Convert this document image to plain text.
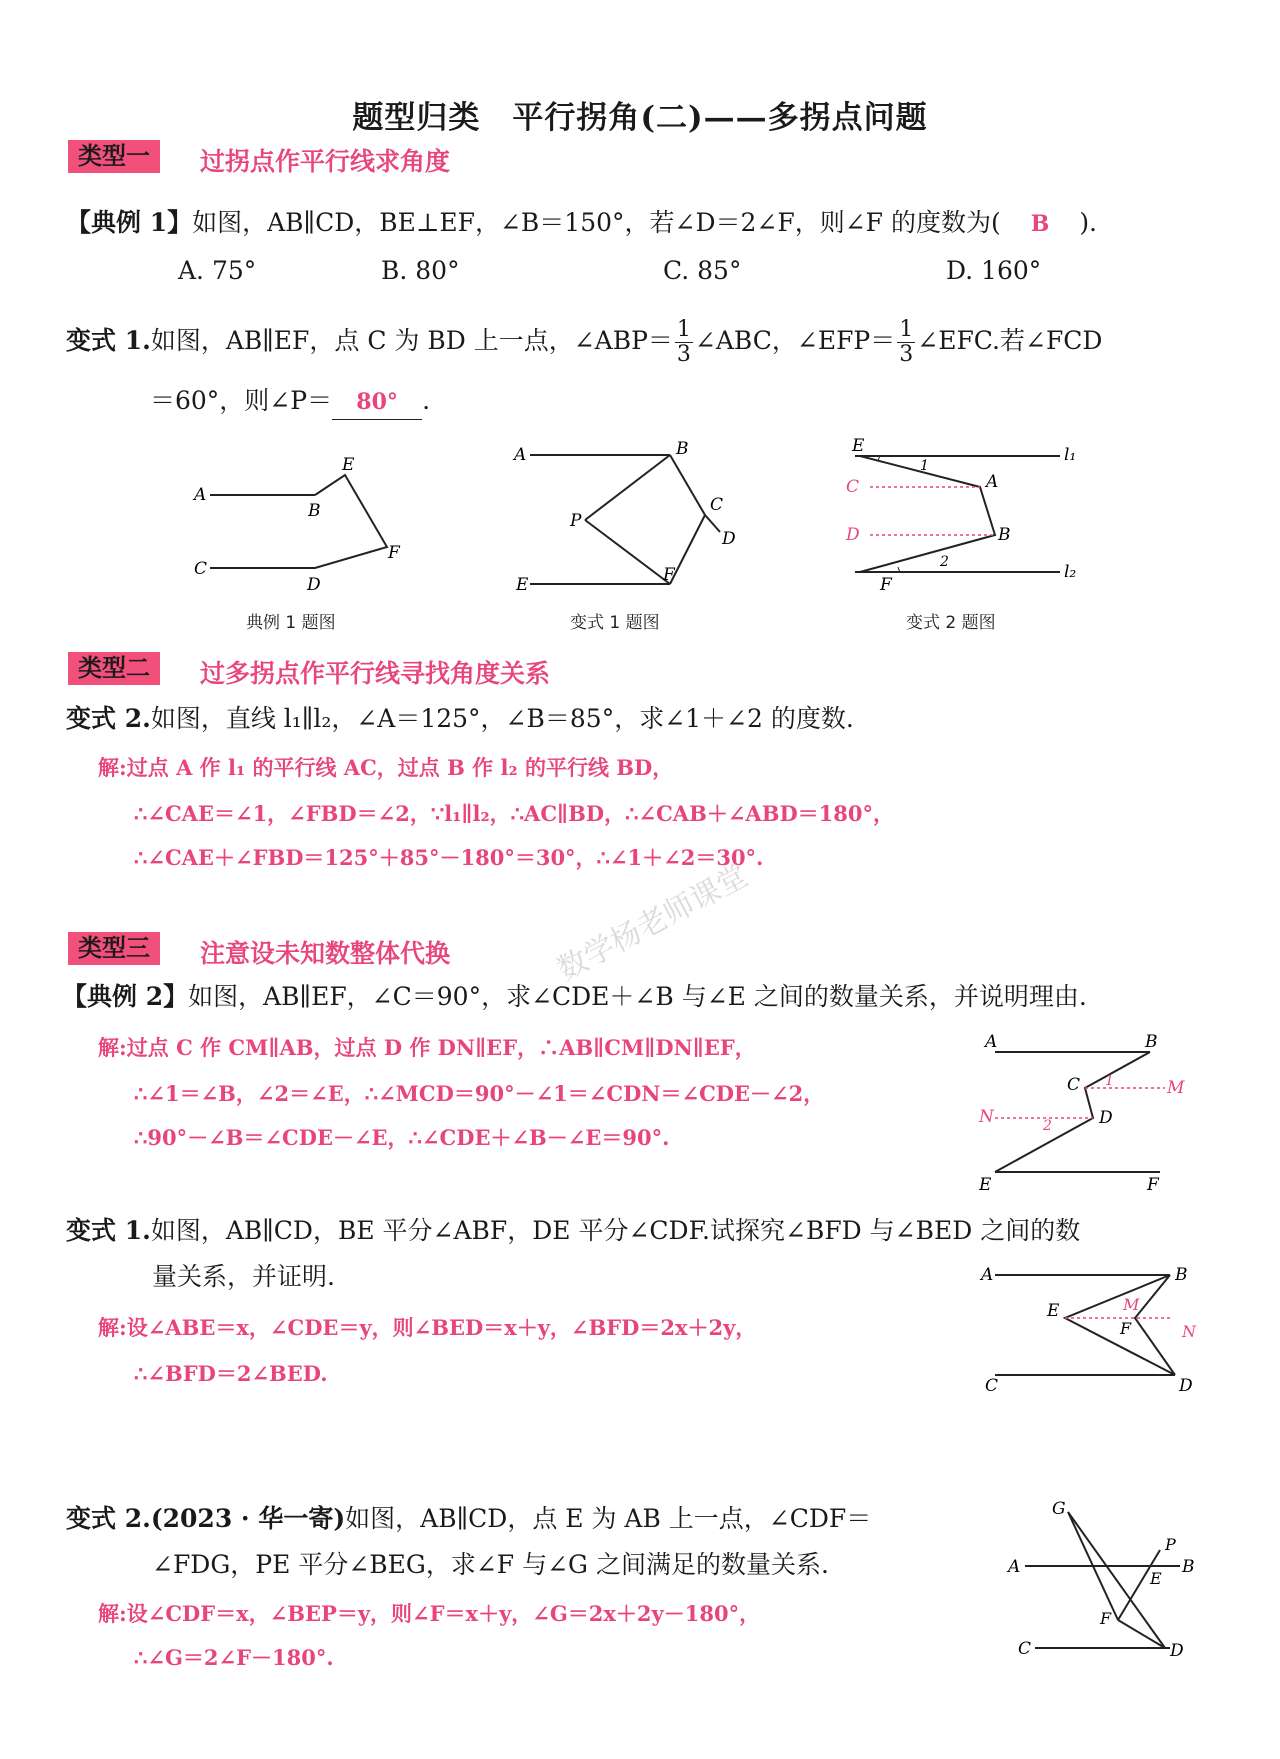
题型归类　平行拐角(二)——多拐点问题
类型一	过拐点作平行线求角度
【典例 1】如图，AB∥CD，BE⊥EF，∠B＝150°，若∠D＝2∠F，则∠F 的度数为( B )．
A. 75°	B. 80°	C. 85°	D. 160°
变式 1.如图，AB∥EF，点 C 为 BD 上一点，∠ABP＝ $\frac{1}{3}$ ∠ABC，∠EFP＝ $\frac{1}{3}$ ∠EFC.若∠FCD
＝60°，则∠P＝ 80° .
A
B
E
F
C
D
典例 1 题图
A	B
P
C
D
E	F
变式 1 题图
E
1
l₁
A
C
D	B
2	l₂
F
变式 2 题图
类型二	过多拐点作平行线寻找角度关系
变式 2.如图，直线 l₁∥l₂，∠A＝125°，∠B＝85°，求∠1＋∠2 的度数.
解:过点 A 作 l₁ 的平行线 AC，过点 B 作 l₂ 的平行线 BD，
∴∠CAE＝∠1，∠FBD＝∠2，∵l₁∥l₂，∴AC∥BD，∴∠CAB＋∠ABD＝180°，
∴∠CAE＋∠FBD＝125°＋85°－180°＝30°，∴∠1＋∠2＝30°.
数学杨老师课堂
类型三	注意设未知数整体代换
【典例 2】如图，AB∥EF，∠C＝90°，求∠CDE＋∠B 与∠E 之间的数量关系，并说明理由.
解:过点 C 作 CM∥AB，过点 D 作 DN∥EF，∴AB∥CM∥DN∥EF，
∴∠1＝∠B，∠2＝∠E，∴∠MCD＝90°－∠1＝∠CDN＝∠CDE－∠2，
∴90°－∠B＝∠CDE－∠E，∴∠CDE＋∠B－∠E＝90°.
A	B
C 1	M
N	2	D
E	F
变式 1.如图，AB∥CD，BE 平分∠ABF，DE 平分∠CDF.试探究∠BFD 与∠BED 之间的数
量关系，并证明.
解:设∠ABE＝x，∠CDE＝y，则∠BED＝x＋y，∠BFD＝2x＋2y，
∴∠BFD＝2∠BED.
A	B
E	M
F	N
C	D
变式 2.(2023 · 华一寄)如图，AB∥CD，点 E 为 AB 上一点，∠CDF＝
∠FDG，PE 平分∠BEG，求∠F 与∠G 之间满足的数量关系.
解:设∠CDF＝x，∠BEP＝y，则∠F＝x＋y，∠G＝2x＋2y－180°，
∴∠G＝2∠F－180°.
G
P
A	B
E
F
C	D
